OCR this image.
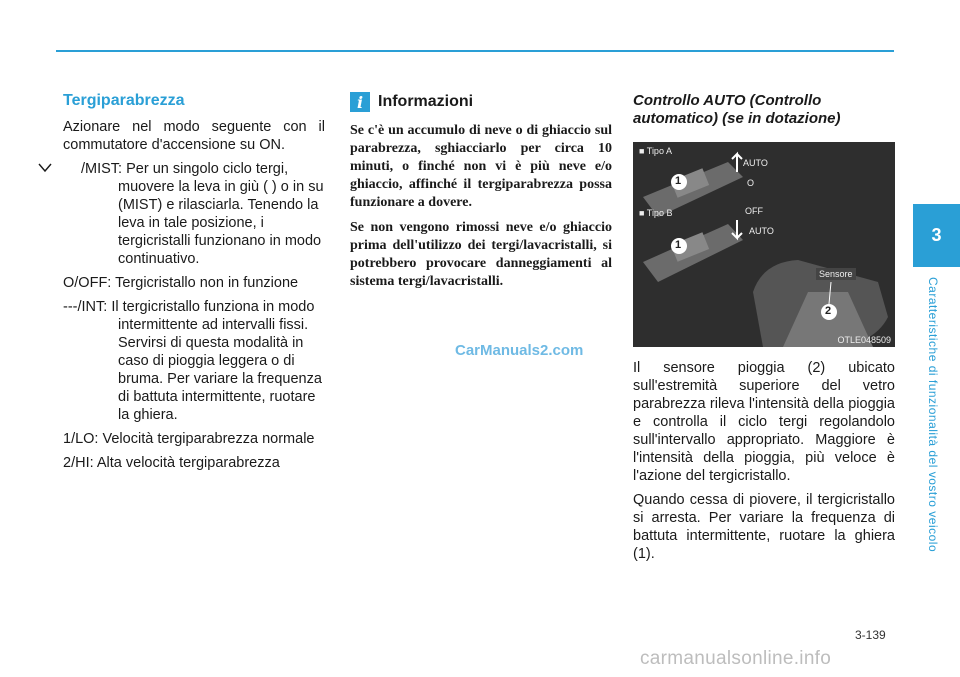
Tergiparabrezza

Azionare nel modo seguente con il commutatore d'accensione su ON.

/MIST: Per un singolo ciclo tergi, muovere la leva in giù ( ) o in su (MIST) e rilasciarla. Tenendo la leva in tale posizione, i tergicristalli funzionano in modo continuativo.
O/OFF: Tergicristallo non in funzione
---/INT: Il tergicristallo funziona in modo intermittente ad intervalli fissi. Servirsi di questa modalità in caso di pioggia leggera o di bruma. Per variare la frequenza di battuta intermittente, ruotare la ghiera.
1/LO: Velocità tergiparabrezza normale
2/HI: Alta velocità tergiparabrezza
i Informazioni

Se c'è un accumulo di neve o di ghiaccio sul parabrezza, sghiacciarlo per circa 10 minuti, o finché non vi è più neve e/o ghiaccio, affinché il tergiparabrezza possa funzionare a dovere.

Se non vengono rimossi neve e/o ghiaccio prima dell'utilizzo dei tergi/lavacristalli, si potrebbero provocare danneggiamenti al sistema tergi/lavacristalli.

CarManuals2.com
Controllo AUTO (Controllo automatico) (se in dotazione)
■ Tipo A
■ Tipo B
AUTO
O
OFF
AUTO
Sensore
1
1
2
OTLE048509

Il sensore pioggia (2) ubicato sull'estremità superiore del vetro parabrezza rileva l'intensità della pioggia e controlla il ciclo tergi regolandolo sull'intervallo appropriato. Maggiore è l'intensità della pioggia, più veloce è l'azione del tergicristallo.

Quando cessa di piovere, il tergicristallo si arresta. Per variare la frequenza di battuta intermittente, ruotare la ghiera (1).

3
Caratteristiche di funzionalità del vostro veicolo
3-139
carmanualsonline.info
